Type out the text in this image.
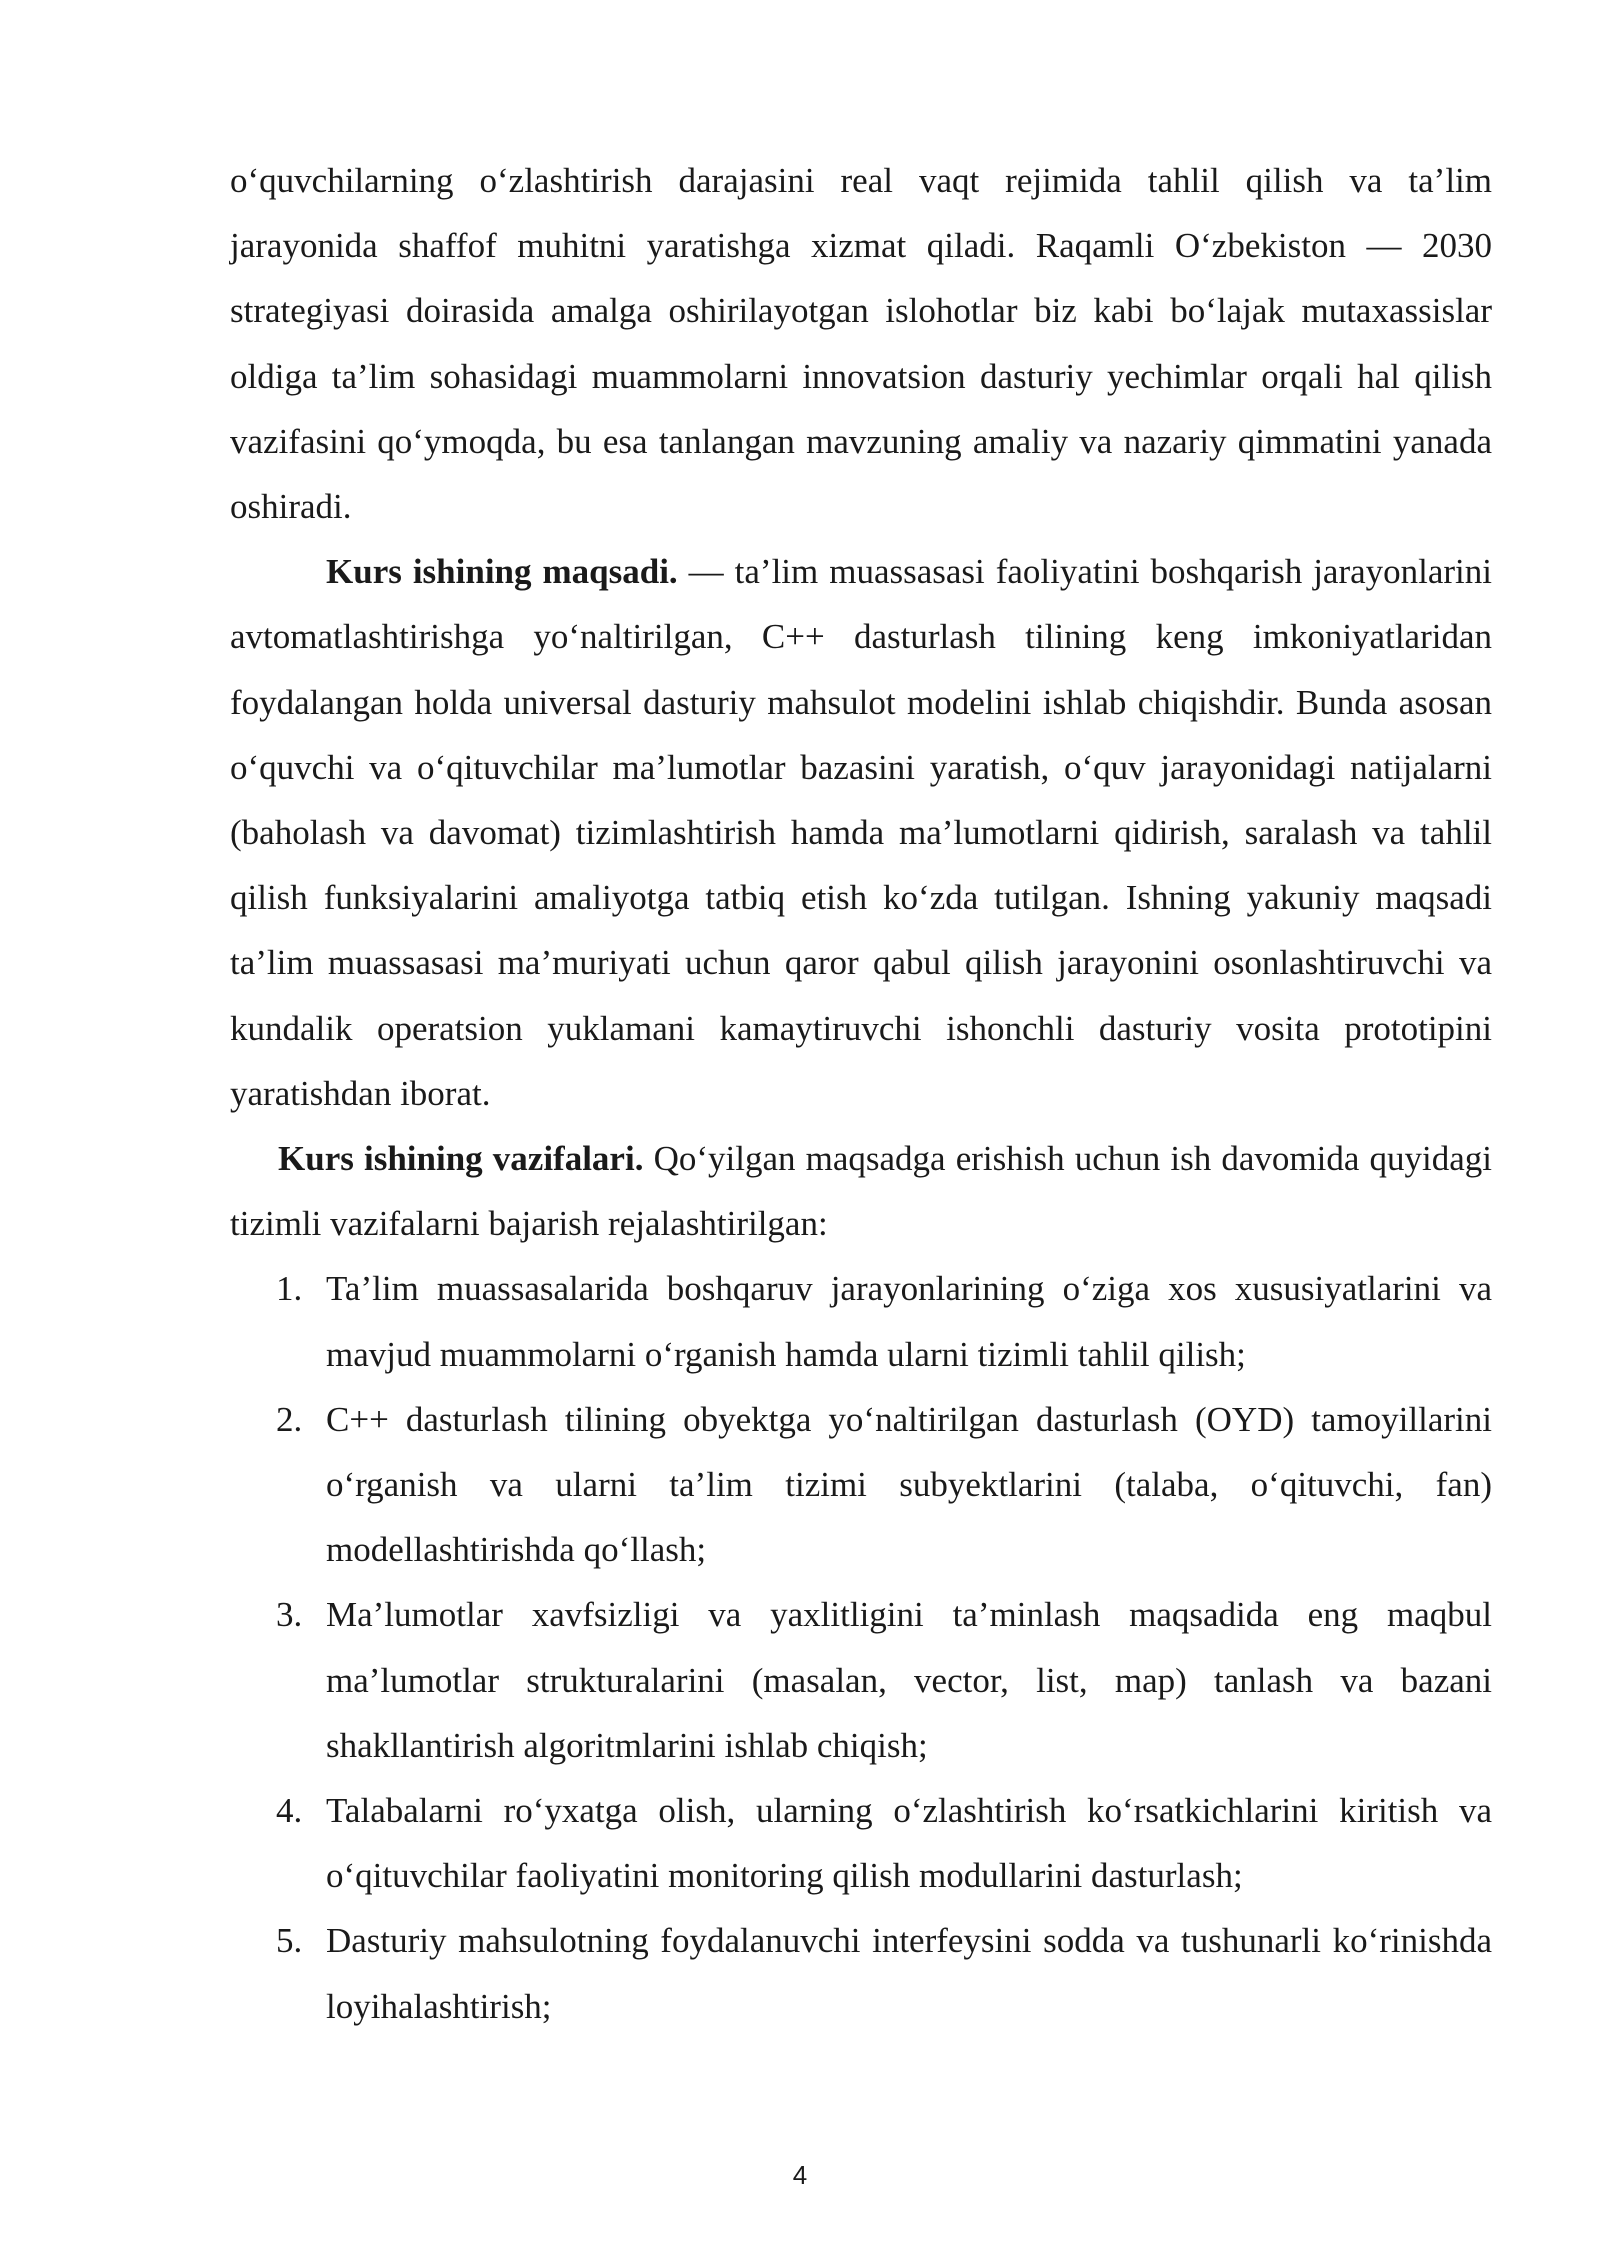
o‘quvchilarning o‘zlashtirish darajasini real vaqt rejimida tahlil qilish va ta’lim jarayonida shaffof muhitni yaratishga xizmat qiladi. Raqamli O‘zbekiston — 2030 strategiyasi doirasida amalga oshirilayotgan islohotlar biz kabi bo‘lajak mutaxassislar oldiga ta’lim sohasidagi muammolarni innovatsion dasturiy yechimlar orqali hal qilish vazifasini qo‘ymoqda, bu esa tanlangan mavzuning amaliy va nazariy qimmatini yanada oshiradi.

Kurs ishining maqsadi. — ta’lim muassasasi faoliyatini boshqarish jarayonlarini avtomatlashtirishga yo‘naltirilgan, C++ dasturlash tilining keng imkoniyatlaridan foydalangan holda universal dasturiy mahsulot modelini ishlab chiqishdir. Bunda asosan o‘quvchi va o‘qituvchilar ma’lumotlar bazasini yaratish, o‘quv jarayonidagi natijalarni (baholash va davomat) tizimlashtirish hamda ma’lumotlarni qidirish, saralash va tahlil qilish funksiyalarini amaliyotga tatbiq etish ko‘zda tutilgan. Ishning yakuniy maqsadi ta’lim muassasasi ma’muriyati uchun qaror qabul qilish jarayonini osonlashtiruvchi va kundalik operatsion yuklamani kamaytiruvchi ishonchli dasturiy vosita prototipini yaratishdan iborat.

Kurs ishining vazifalari. Qo‘yilgan maqsadga erishish uchun ish davomida quyidagi tizimli vazifalarni bajarish rejalashtirilgan:

1. Ta’lim muassasalarida boshqaruv jarayonlarining o‘ziga xos xususiyatlarini va mavjud muammolarni o‘rganish hamda ularni tizimli tahlil qilish;
2. C++ dasturlash tilining obyektga yo‘naltirilgan dasturlash (OYD) tamoyillarini o‘rganish va ularni ta’lim tizimi subyektlarini (talaba, o‘qituvchi, fan) modellashtirishda qo‘llash;
3. Ma’lumotlar xavfsizligi va yaxlitligini ta’minlash maqsadida eng maqbul ma’lumotlar strukturalarini (masalan, vector, list, map) tanlash va bazani shakllantirish algoritmlarini ishlab chiqish;
4. Talabalarni ro‘yxatga olish, ularning o‘zlashtirish ko‘rsatkichlarini kiritish va o‘qituvchilar faoliyatini monitoring qilish modullarini dasturlash;
5. Dasturiy mahsulotning foydalanuvchi interfeysini sodda va tushunarli ko‘rinishda loyihalashtirish;
4
